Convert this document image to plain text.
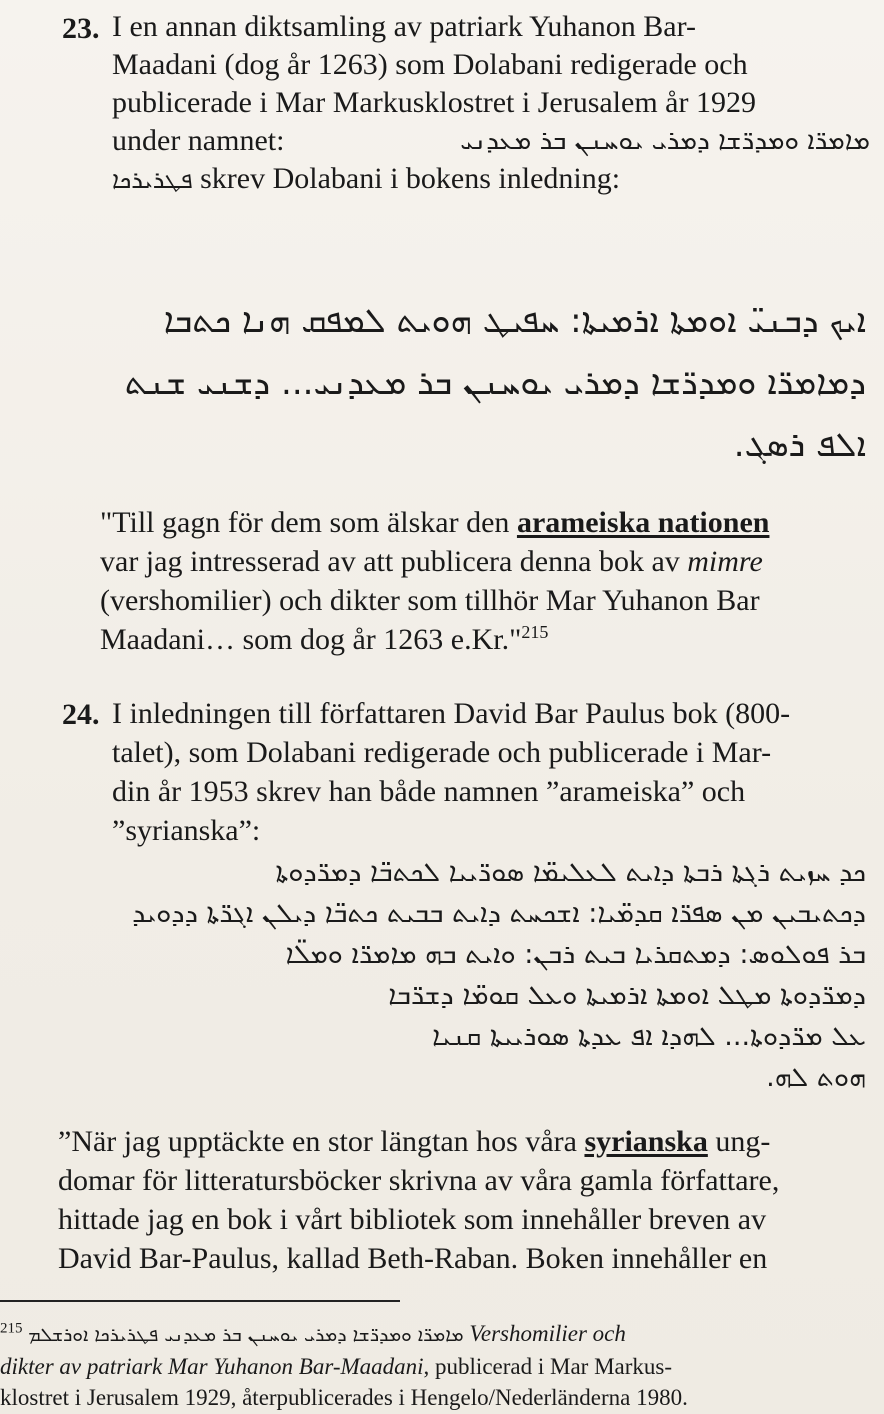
23. I en annan diktsamling av patriark Yuhanon Bar-
Maadani (dog år 1263) som Dolabani redigerade och
publicerade i Mar Markusklostret i Jerusalem år 1929
under namnet:	ܡܐܡܪ̈ܐ ܘܡܕܪ̈ܫܐ ܕܡܪܝ ܝܘܚܢܢ ܒܪ ܡܥܕܢܝ
ܦܛܪܝܪܟܐ skrev Dolabani i bokens inledning:
ܐܝܟ ܕܒܢܝ̈ ܐܘܡܬܐ ܐܪܡܝܬܐ: ܚܦܝܛ ܗܘܝܬ ܠܡܦܩ ܗܢܐ ܟܬܒܐ
ܕܡܐܡܪ̈ܐ ܘܡܕܪ̈ܫܐ ܕܡܪܝ ܝܘܚܢܢ ܒܪ ܡܥܕܢܝ... ܕܫܢܝ ܫܢܬ
ܐܠܦ ܪܣܓ.
"Till gagn för dem som älskar den arameiska nationen
var jag intresserad av att publicera denna bok av mimre
(vershomilier) och dikter som tillhör Mar Yuhanon Bar
Maadani… som dog år 1263 e.Kr."$^{215}$
24. I inledningen till författaren David Bar Paulus bok (800-
talet), som Dolabani redigerade och publicerade i Mar-
din år 1953 skrev han både namnen ”arameiska” och
”syrianska”:
ܟܕ ܚܙܝܬ ܪܓܬܐ ܪܒܬܐ ܕܐܝܬ ܠܥܠܝܡ̈ܐ ܣܘܪ̈ܝܝܐ ܠܟܬܒ̈ܐ ܕܡܪ̈ܕܘܬܐ
ܕܟܬܝܒܝܢ ܡܢ ܣܦܪ̈ܐ ܩܕܡ̈ܝܐ: ܐܫܟܚܬ ܕܐܝܬ ܒܒܝܬ ܟܬܒ̈ܐ ܕܝܠܢ ܐܓܪ̈ܬܐ ܕܕܘܝܕ
ܒܪ ܦܘܠܘܣ: ܕܡܬܩܪܝܐ ܒܝܬ ܪܒܢ: ܘܐܝܬ ܒܗ ܡܐܡܪ̈ܐ ܘܡܠ̈ܐ
ܕܡܪ̈ܕܘܬܐ ܡܛܠ ܐܘܡܬܐ ܐܪܡܝܬܐ ܘܥܠ ܩܘܡ̈ܐ ܕܫܪ̈ܒܐ
ܥܠ ܡܪ̈ܕܘܬܐ... ܠܗܕܐ ܐܦ ܥܕܬܐ ܣܘܪܝܝܬܐ ܩܢܝܐ
ܗܘܬ ܠܗ.
”När jag upptäckte en stor längtan hos våra syrianska ung-
domar för litteratursböcker skrivna av våra gamla författare,
hittade jag en bok i vårt bibliotek som innehåller breven av
David Bar-Paulus, kallad Beth-Raban. Boken innehåller en
$^{215}$ ܡܐܡܪ̈ܐ ܘܡܕܪ̈ܫܐ ܕܡܪܝ ܝܘܚܢܢ ܒܪ ܡܥܕܢܝ ܦܛܪܝܪܟܐ ܐܘܪܫܠܡ Vershomilier och
dikter av patriark Mar Yuhanon Bar-Maadani, publicerad i Mar Markus-
klostret i Jerusalem 1929, återpublicerades i Hengelo/Nederländerna 1980.
